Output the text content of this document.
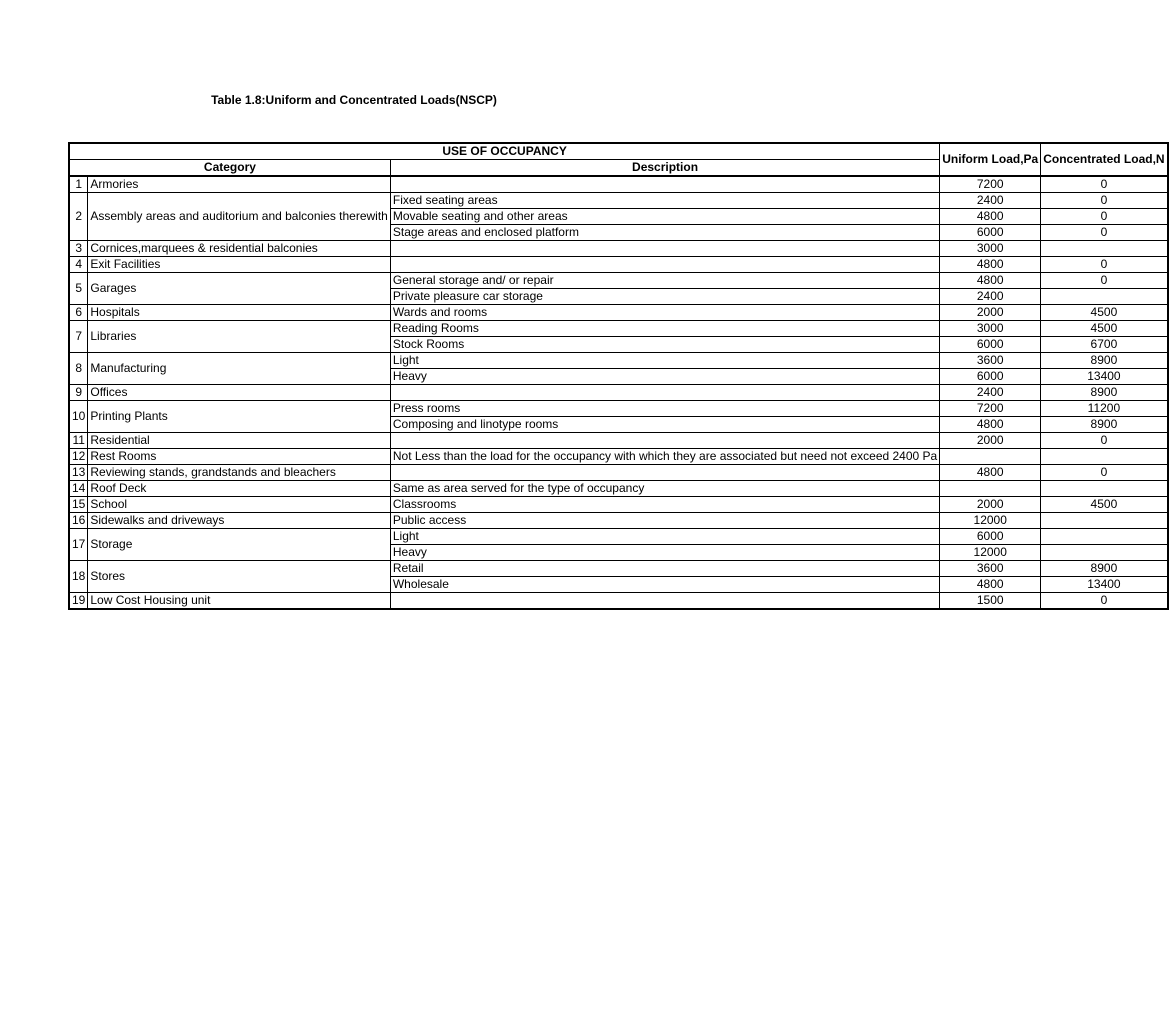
Table 1.8:Uniform and Concentrated Loads(NSCP)
USE OF OCCUPANCY			Uniform Load,Pa	Concentrated Load,N
Category		Description		
1	Armories		7200	0
2	Assembly areas and auditorium and balconies therewith	Fixed seating areas	2400	0
		Movable seating and other areas	4800	0
		Stage areas and enclosed platform	6000	0
3	Cornices,marquees & residential balconies		3000	
4	Exit Facilities		4800	0
5	Garages	General storage and/ or repair	4800	0
		Private pleasure car storage	2400	
6	Hospitals	Wards and rooms	2000	4500
7	Libraries	Reading Rooms	3000	4500
		Stock Rooms	6000	6700
8	Manufacturing	Light	3600	8900
		Heavy	6000	13400
9	Offices		2400	8900
10	Printing Plants	Press rooms	7200	11200
		Composing and linotype rooms	4800	8900
11	Residential		2000	0
12	Rest Rooms	Not Less than the load for the occupancy with which they are associated but need not exceed 2400 Pa		
13	Reviewing stands, grandstands and bleachers		4800	0
14	Roof Deck	Same as area served for the type of occupancy		
15	School	Classrooms	2000	4500
16	Sidewalks and driveways	Public access	12000	
17	Storage	Light	6000	
		Heavy	12000	
18	Stores	Retail	3600	8900
		Wholesale	4800	13400
19	Low Cost Housing unit		1500	0
